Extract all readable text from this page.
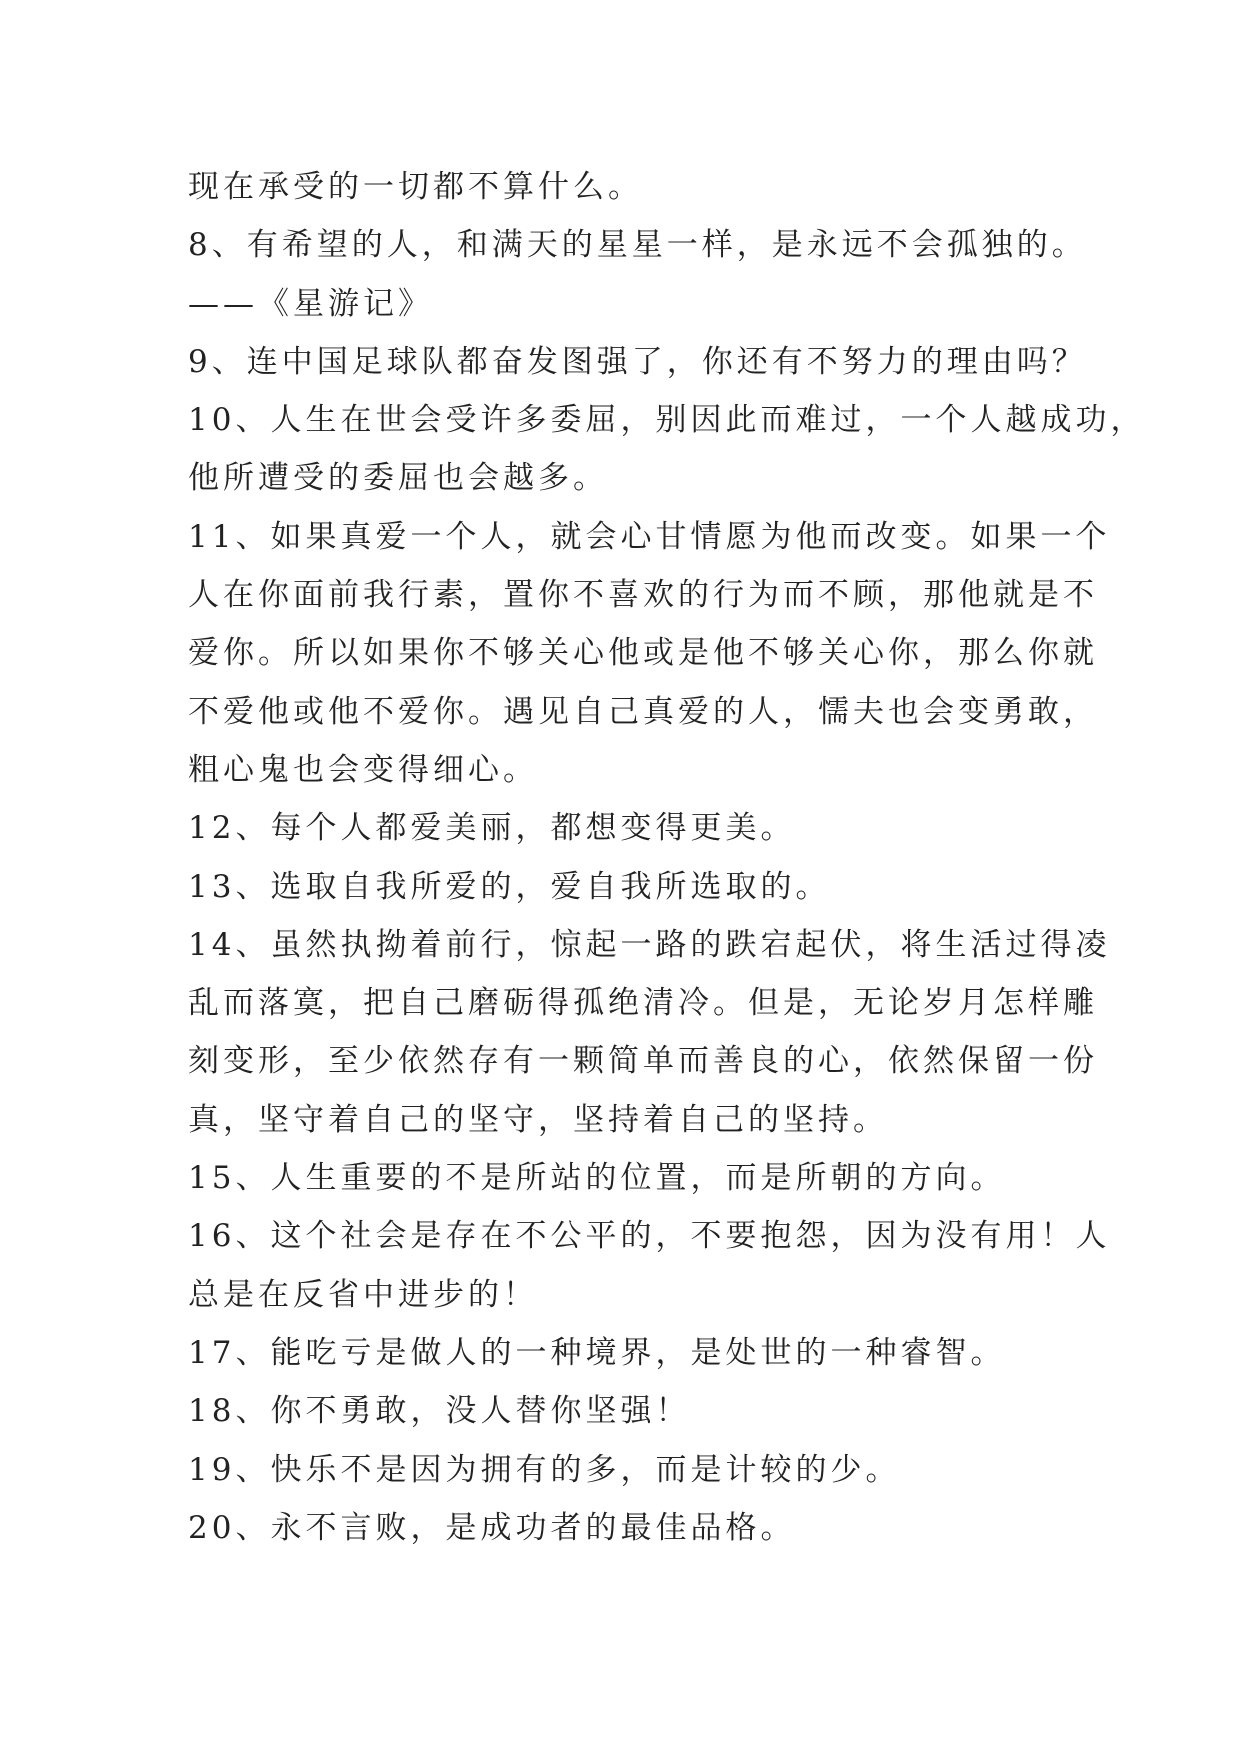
现在承受的一切都不算什么。
8、有希望的人，和满天的星星一样，是永远不会孤独的。
——《星游记》
9、连中国足球队都奋发图强了，你还有不努力的理由吗？
10、人生在世会受许多委屈，别因此而难过，一个人越成功，
他所遭受的委屈也会越多。
11、如果真爱一个人，就会心甘情愿为他而改变。如果一个
人在你面前我行素，置你不喜欢的行为而不顾，那他就是不
爱你。所以如果你不够关心他或是他不够关心你，那么你就
不爱他或他不爱你。遇见自己真爱的人，懦夫也会变勇敢，
粗心鬼也会变得细心。
12、每个人都爱美丽，都想变得更美。
13、选取自我所爱的，爱自我所选取的。
14、虽然执拗着前行，惊起一路的跌宕起伏，将生活过得凌
乱而落寞，把自己磨砺得孤绝清冷。但是，无论岁月怎样雕
刻变形，至少依然存有一颗简单而善良的心，依然保留一份
真，坚守着自己的坚守，坚持着自己的坚持。
15、人生重要的不是所站的位置，而是所朝的方向。
16、这个社会是存在不公平的，不要抱怨，因为没有用！人
总是在反省中进步的！
17、能吃亏是做人的一种境界，是处世的一种睿智。
18、你不勇敢，没人替你坚强！
19、快乐不是因为拥有的多，而是计较的少。
20、永不言败，是成功者的最佳品格。
